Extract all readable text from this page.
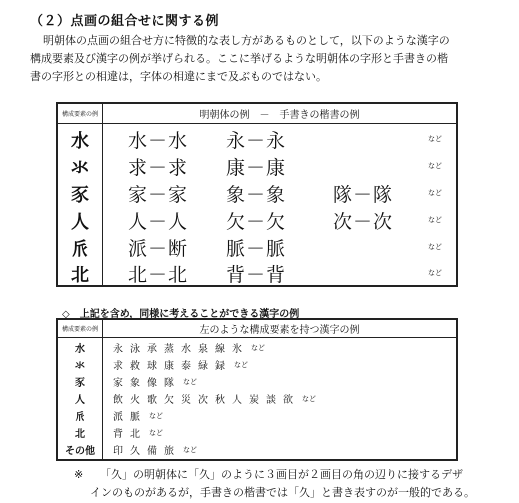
（２）点画の組合せに関する例

明朝体の点画の組合せ方に特徴的な表し方があるものとして，以下のような漢字の

構成要素及び漢字の例が挙げられる。ここに挙げるような明朝体の字形と手書きの楷

書の字形との相違は，字体の相違にまで及ぶものではない。

構成要素の例	明朝体の例　－　手書きの楷書の例
水	水－水 永－永	など
氺	求－求 康－康	など
豕	家－家 象－象 隊－隊	など
人	人－人 欠－欠 次－次	など
𠂢	派－断 脈－脈	など
北	北－北 背－背	など
◇　上記を含め，同様に考えることができる漢字の例
構成要素の例	左のような構成要素を持つ漢字の例
水	永泳承蒸水泉線氷 など
氺	求救球康泰緑録 など
豕	家象像隊 など
人	飲火歌欠災次秋人炭談欲 など
𠂢	派脈 など
北	背北 など
その他	印久備旅 など

※ 「久」の明朝体に「久」のように３画目が２画目の角の辺りに接するデザ

インのものがあるが，手書きの楷書では「久」と書き表すのが一般的である。
